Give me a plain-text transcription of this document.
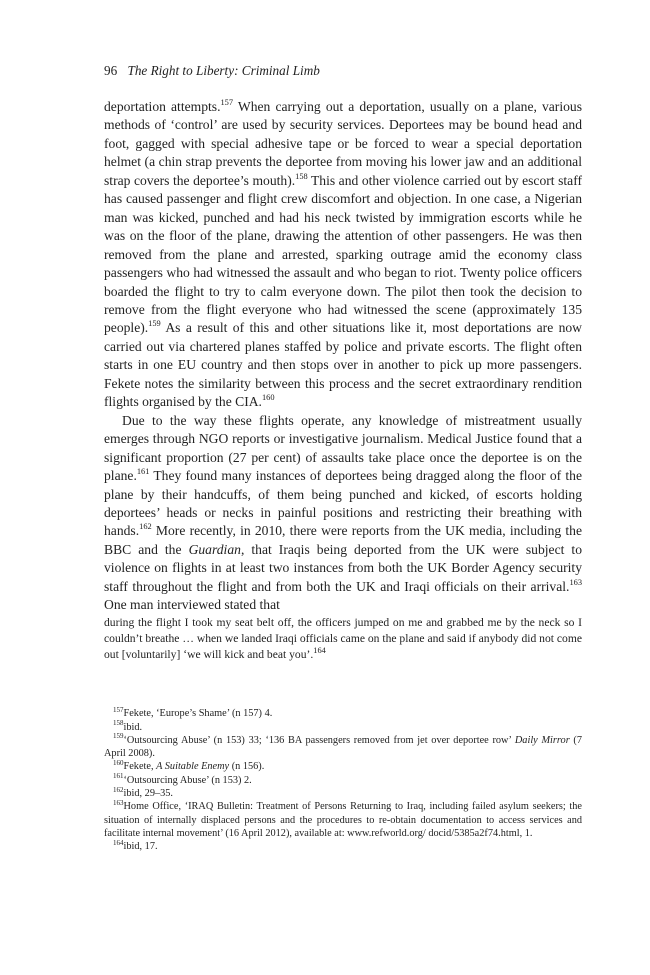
96 The Right to Liberty: Criminal Limb

deportation attempts.$^{157}$ When carrying out a deportation, usually on a plane, various methods of ‘control’ are used by security services. Deportees may be bound head and foot, gagged with special adhesive tape or be forced to wear a special deportation helmet (a chin strap prevents the deportee from moving his lower jaw and an additional strap covers the deportee’s mouth).$^{158}$ This and other violence carried out by escort staff has caused passenger and flight crew discomfort and objection. In one case, a Nigerian man was kicked, punched and had his neck twisted by immigration escorts while he was on the floor of the plane, drawing the attention of other passengers. He was then removed from the plane and arrested, sparking outrage amid the economy class passengers who had witnessed the assault and who began to riot. Twenty police officers boarded the flight to try to calm everyone down. The pilot then took the decision to remove from the flight everyone who had witnessed the scene (approximately 135 people).$^{159}$ As a result of this and other situations like it, most deportations are now carried out via chartered planes staffed by police and private escorts. The flight often starts in one EU country and then stops over in another to pick up more passengers. Fekete notes the similarity between this process and the secret extraordinary rendition flights organised by the CIA.$^{160}$

Due to the way these flights operate, any knowledge of mistreatment usually emerges through NGO reports or investigative journalism. Medical Justice found that a significant proportion (27 per cent) of assaults take place once the deportee is on the plane.$^{161}$ They found many instances of deportees being dragged along the floor of the plane by their handcuffs, of them being punched and kicked, of escorts holding deportees’ heads or necks in painful positions and restricting their breathing with hands.$^{162}$ More recently, in 2010, there were reports from the UK media, including the BBC and the Guardian, that Iraqis being deported from the UK were subject to violence on flights in at least two instances from both the UK Border Agency security staff throughout the flight and from both the UK and Iraqi officials on their arrival.$^{163}$ One man interviewed stated that

during the flight I took my seat belt off, the officers jumped on me and grabbed me by the neck so I couldn’t breathe … when we landed Iraqi officials came on the plane and said if anybody did not come out [voluntarily] ‘we will kick and beat you’.$^{164}$

$^{157}$Fekete, ‘Europe’s Shame’ (n 157) 4.

$^{158}$ibid.

$^{159}$‘Outsourcing Abuse’ (n 153) 33; ‘136 BA passengers removed from jet over deportee row’ Daily Mirror (7 April 2008).

$^{160}$Fekete, A Suitable Enemy (n 156).

$^{161}$‘Outsourcing Abuse’ (n 153) 2.

$^{162}$ibid, 29–35.

$^{163}$Home Office, ‘IRAQ Bulletin: Treatment of Persons Returning to Iraq, including failed asylum seekers; the situation of internally displaced persons and the procedures to re-obtain documentation to access services and facilitate internal movement’ (16 April 2012), available at: www.refworld.org/ docid/5385a2f74.html, 1.

$^{164}$ibid, 17.
